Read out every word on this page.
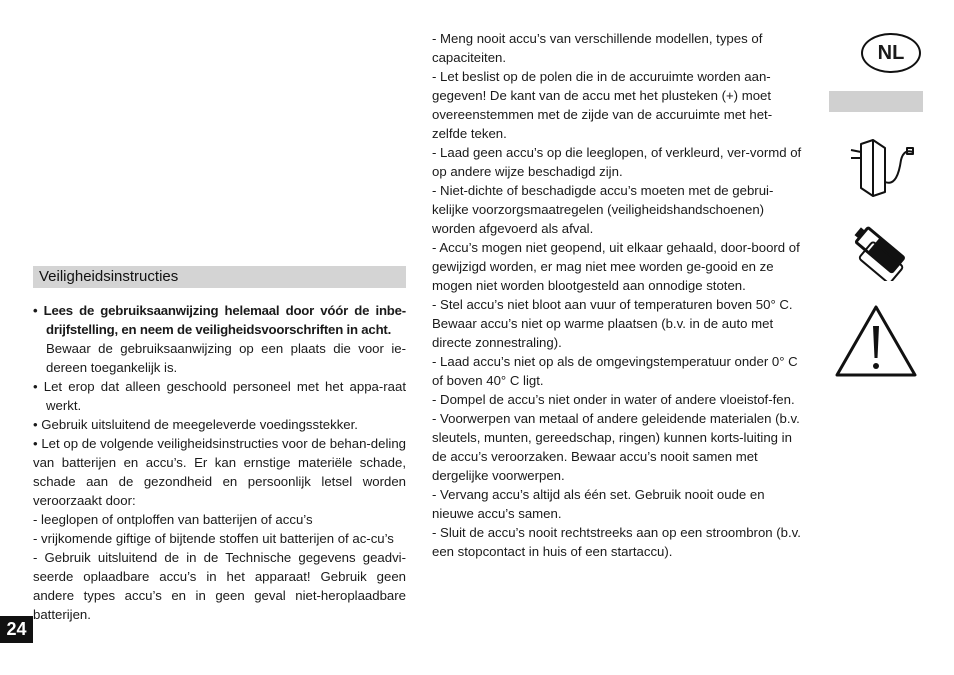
NL
Veiligheidsinstructies

• Lees de gebruiksaanwijzing helemaal door vóór de inbe-drijfstelling, en neem de veiligheidsvoorschriften in acht.

Bewaar de gebruiksaanwijzing op een plaats die voor ie-dereen toegankelijk is.

• Let erop dat alleen geschoold personeel met het appa-raat werkt.

• Gebruik uitsluitend de meegeleverde voedingsstekker.

• Let op de volgende veiligheidsinstructies voor de behan-deling van batterijen en accu’s. Er kan ernstige materiële schade, schade aan de gezondheid en persoonlijk letsel worden veroorzaakt door:

- leeglopen of ontploffen van batterijen of accu’s

- vrijkomende giftige of bijtende stoffen uit batterijen of ac-cu’s

- Gebruik uitsluitend de in de Technische gegevens geadvi-seerde oplaadbare accu’s in het apparaat! Gebruik geen andere types accu’s en in geen geval niet-heroplaadbare batterijen.

- Meng nooit accu’s van verschillende modellen, types of capaciteiten.

- Let beslist op de polen die in de accuruimte worden aan-gegeven! De kant van de accu met het plusteken (+) moet overeenstemmen met de zijde van de accuruimte met het-zelfde teken.

- Laad geen accu’s op die leeglopen, of verkleurd, ver-vormd of op andere wijze beschadigd zijn.

- Niet-dichte of beschadigde accu’s moeten met de gebrui-kelijke voorzorgsmaatregelen (veiligheidshandschoenen) worden afgevoerd als afval.

- Accu’s mogen niet geopend, uit elkaar gehaald, door-boord of gewijzigd worden, er mag niet mee worden ge-gooid en ze mogen niet worden blootgesteld aan onnodige stoten.

- Stel accu’s niet bloot aan vuur of temperaturen boven 50° C. Bewaar accu’s niet op warme plaatsen (b.v. in de auto met directe zonnestraling).

- Laad accu’s niet op als de omgevingstemperatuur onder 0° C of boven 40° C ligt.

- Dompel de accu’s niet onder in water of andere vloeistof-fen.

- Voorwerpen van metaal of andere geleidende materialen (b.v. sleutels, munten, gereedschap, ringen) kunnen korts-luiting in de accu’s veroorzaken. Bewaar accu’s nooit samen met dergelijke voorwerpen.

- Vervang accu’s altijd als één set. Gebruik nooit oude en nieuwe accu’s samen.

- Sluit de accu’s nooit rechtstreeks aan op een stroombron (b.v. een stopcontact in huis of een startaccu).

24
